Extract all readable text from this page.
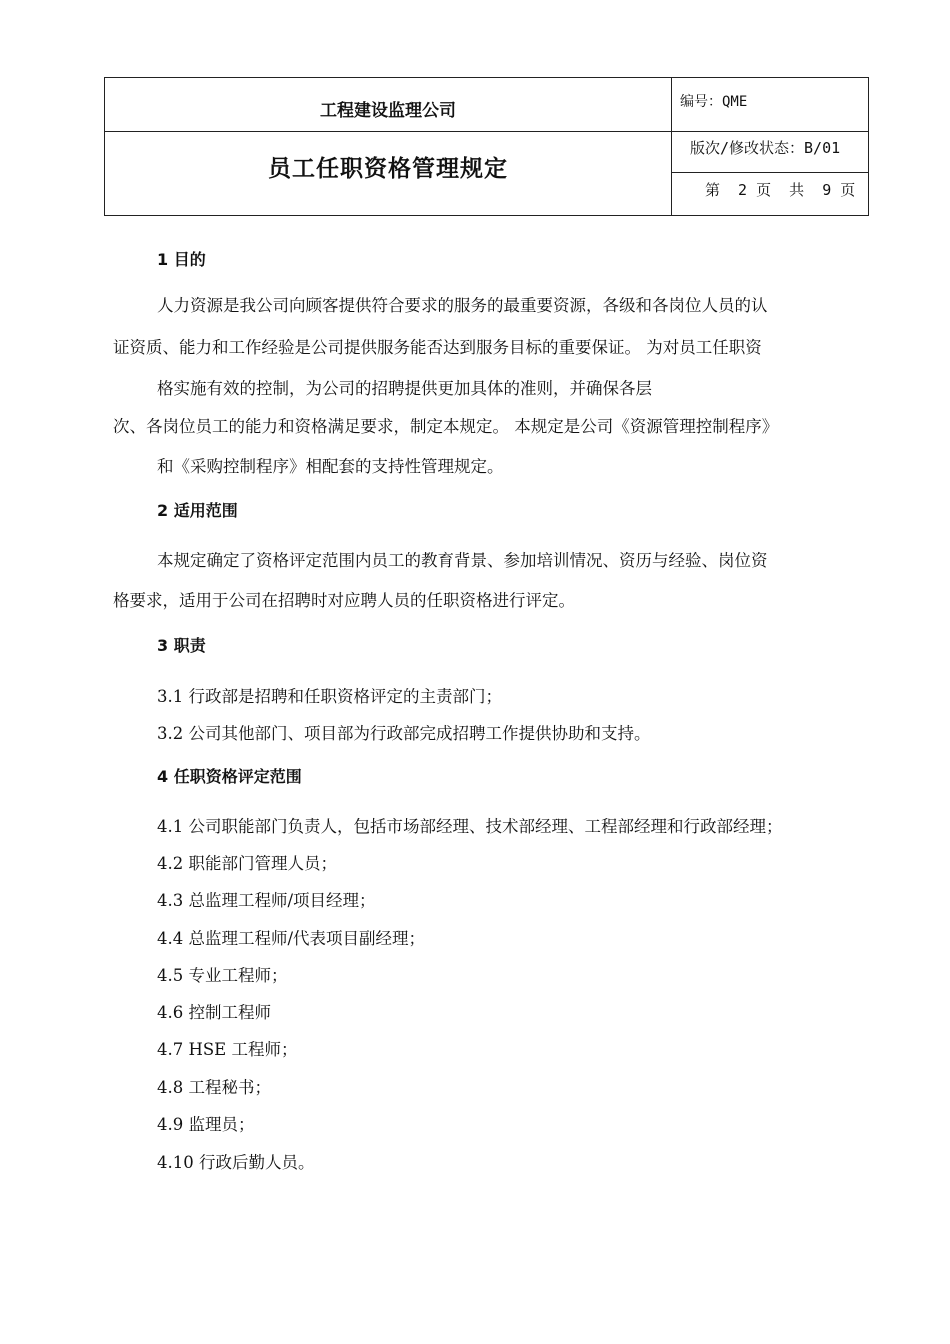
工程建设监理公司
员工任职资格管理规定
编号：QME
版次/修改状态：B/01
第  2 页  共  9 页
1 目的
人力资源是我公司向顾客提供符合要求的服务的最重要资源，各级和各岗位人员的认
证资质、能力和工作经验是公司提供服务能否达到服务目标的重要保证。 为对员工任职资
格实施有效的控制，为公司的招聘提供更加具体的准则，并确保各层
次、各岗位员工的能力和资格满足要求，制定本规定。 本规定是公司《资源管理控制程序》
和《采购控制程序》相配套的支持性管理规定。
2 适用范围
本规定确定了资格评定范围内员工的教育背景、参加培训情况、资历与经验、岗位资
格要求，适用于公司在招聘时对应聘人员的任职资格进行评定。
3 职责
3.1 行政部是招聘和任职资格评定的主责部门；
3.2 公司其他部门、项目部为行政部完成招聘工作提供协助和支持。
4 任职资格评定范围
4.1 公司职能部门负责人，包括市场部经理、技术部经理、工程部经理和行政部经理；
4.2 职能部门管理人员；
4.3 总监理工程师/项目经理；
4.4 总监理工程师/代表项目副经理；
4.5 专业工程师；
4.6 控制工程师
4.7 HSE 工程师；
4.8 工程秘书；
4.9 监理员；
4.10 行政后勤人员。
